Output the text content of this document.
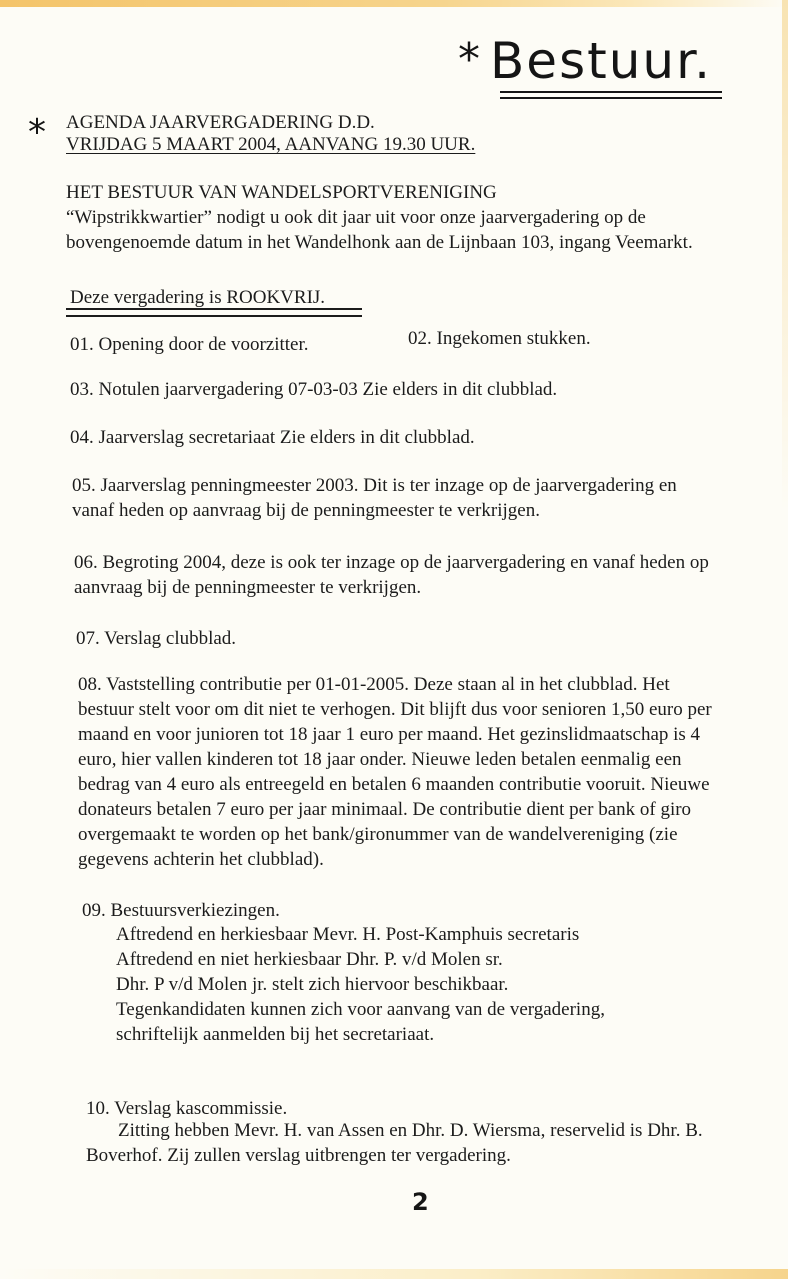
* Bestuur.
* AGENDA JAARVERGADERING D.D.
VRIJDAG 5 MAART 2004, AANVANG 19.30 UUR.
HET BESTUUR VAN WANDELSPORTVERENIGING
“Wipstrikkwartier” nodigt u ook dit jaar uit voor onze jaarvergadering op de
bovengenoemde datum in het Wandelhonk aan de Lijnbaan 103, ingang Veemarkt.
Deze vergadering is ROOKVRIJ.
01. Opening door de voorzitter.	02. Ingekomen stukken.
03. Notulen jaarvergadering 07-03-03 Zie elders in dit clubblad.
04. Jaarverslag secretariaat Zie elders in dit clubblad.
05. Jaarverslag penningmeester 2003. Dit is ter inzage op de jaarvergadering en
vanaf heden op aanvraag bij de penningmeester te verkrijgen.
06. Begroting 2004, deze is ook ter inzage op de jaarvergadering en vanaf heden op
aanvraag bij de penningmeester te verkrijgen.
07. Verslag clubblad.
08. Vaststelling contributie per 01-01-2005. Deze staan al in het clubblad. Het
bestuur stelt voor om dit niet te verhogen. Dit blijft dus voor senioren 1,50 euro per
maand en voor junioren tot 18 jaar 1 euro per maand. Het gezinslidmaatschap is 4
euro, hier vallen kinderen tot 18 jaar onder. Nieuwe leden betalen eenmalig een
bedrag van 4 euro als entreegeld en betalen 6 maanden contributie vooruit. Nieuwe
donateurs betalen 7 euro per jaar minimaal. De contributie dient per bank of giro
overgemaakt te worden op het bank/gironummer van de wandelvereniging (zie
gegevens achterin het clubblad).
09. Bestuursverkiezingen.
Aftredend en herkiesbaar Mevr. H. Post-Kamphuis secretaris
Aftredend en niet herkiesbaar Dhr. P. v/d Molen sr.
Dhr. P v/d Molen jr. stelt zich hiervoor beschikbaar.
Tegenkandidaten kunnen zich voor aanvang van de vergadering,
schriftelijk aanmelden bij het secretariaat.
10. Verslag kascommissie.
Zitting hebben Mevr. H. van Assen en Dhr. D. Wiersma, reservelid is Dhr. B.
Boverhof. Zij zullen verslag uitbrengen ter vergadering.
2
